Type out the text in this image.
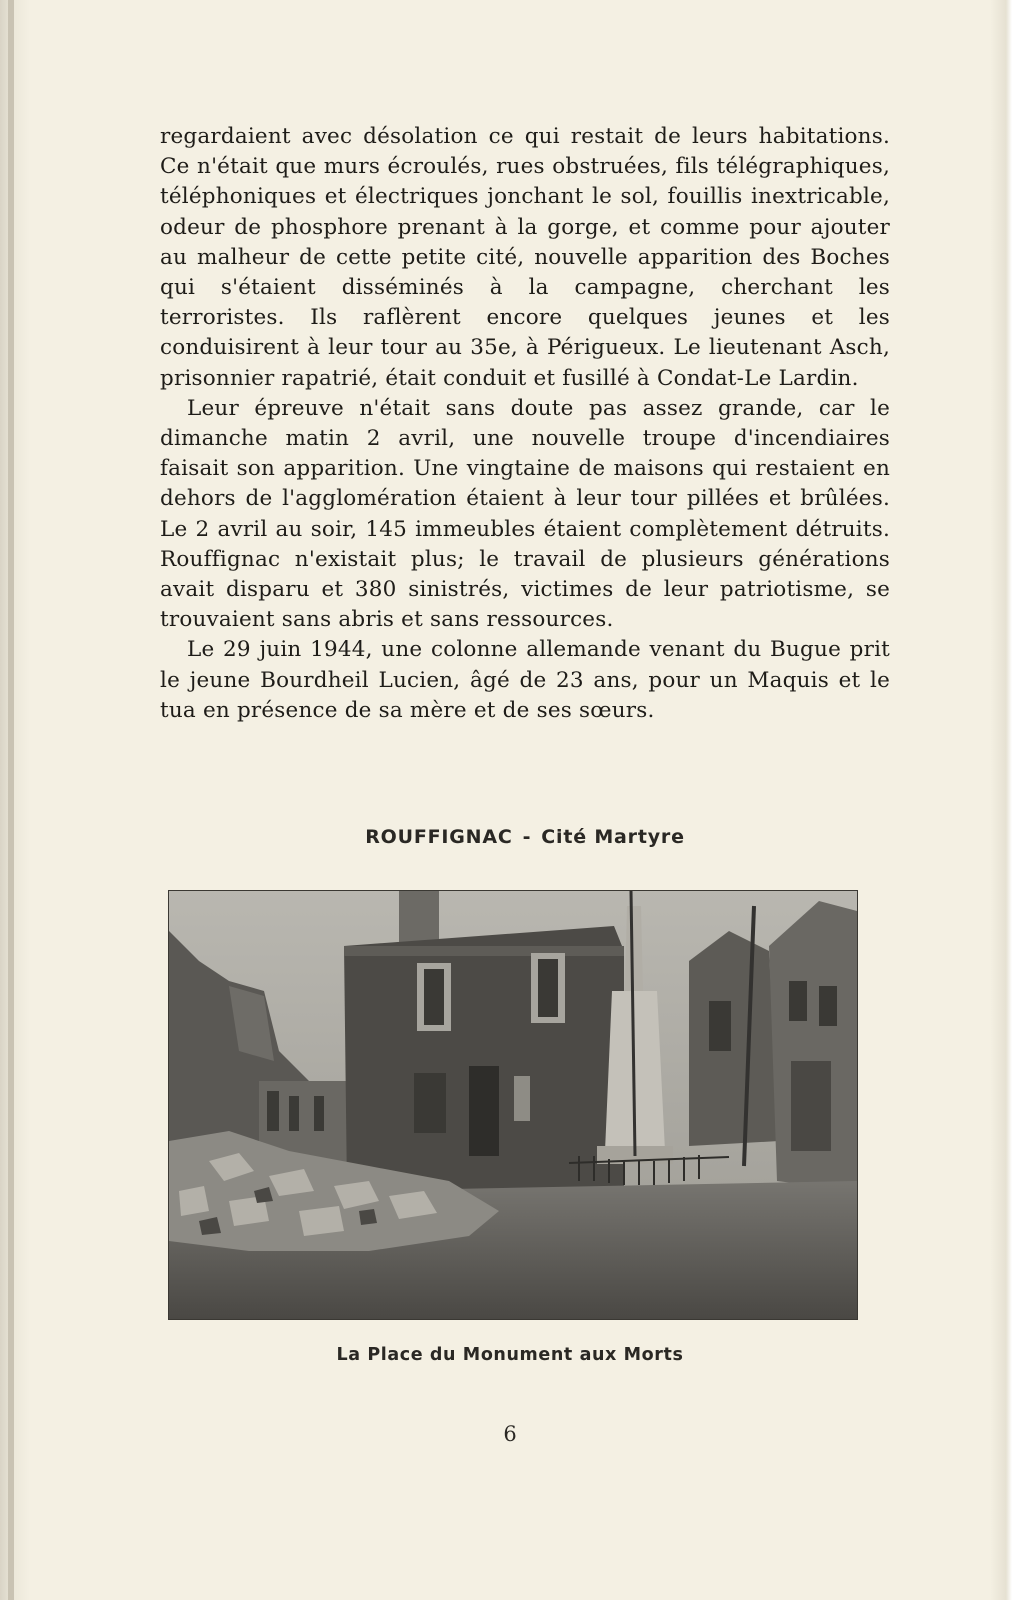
regardaient avec désolation ce qui restait de leurs habitations. Ce n'était que murs écroulés, rues obstruées, fils télégraphiques, téléphoniques et électriques jonchant le sol, fouillis inextricable, odeur de phosphore prenant à la gorge, et comme pour ajouter au malheur de cette petite cité, nouvelle apparition des Boches qui s'étaient disséminés à la campagne, cherchant les terroristes. Ils raflèrent encore quelques jeunes et les conduisirent à leur tour au 35e, à Périgueux. Le lieutenant Asch, prisonnier rapatrié, était conduit et fusillé à Condat-Le Lardin.

Leur épreuve n'était sans doute pas assez grande, car le dimanche matin 2 avril, une nouvelle troupe d'incendiaires faisait son apparition. Une vingtaine de maisons qui restaient en dehors de l'agglomération étaient à leur tour pillées et brûlées. Le 2 avril au soir, 145 immeubles étaient complètement détruits. Rouffignac n'existait plus; le travail de plusieurs générations avait disparu et 380 sinistrés, victimes de leur patriotisme, se trouvaient sans abris et sans ressources.

Le 29 juin 1944, une colonne allemande venant du Bugue prit le jeune Bourdheil Lucien, âgé de 23 ans, pour un Maquis et le tua en présence de sa mère et de ses sœurs.

ROUFFIGNAC - Cité Martyre
La Place du Monument aux Morts
6
